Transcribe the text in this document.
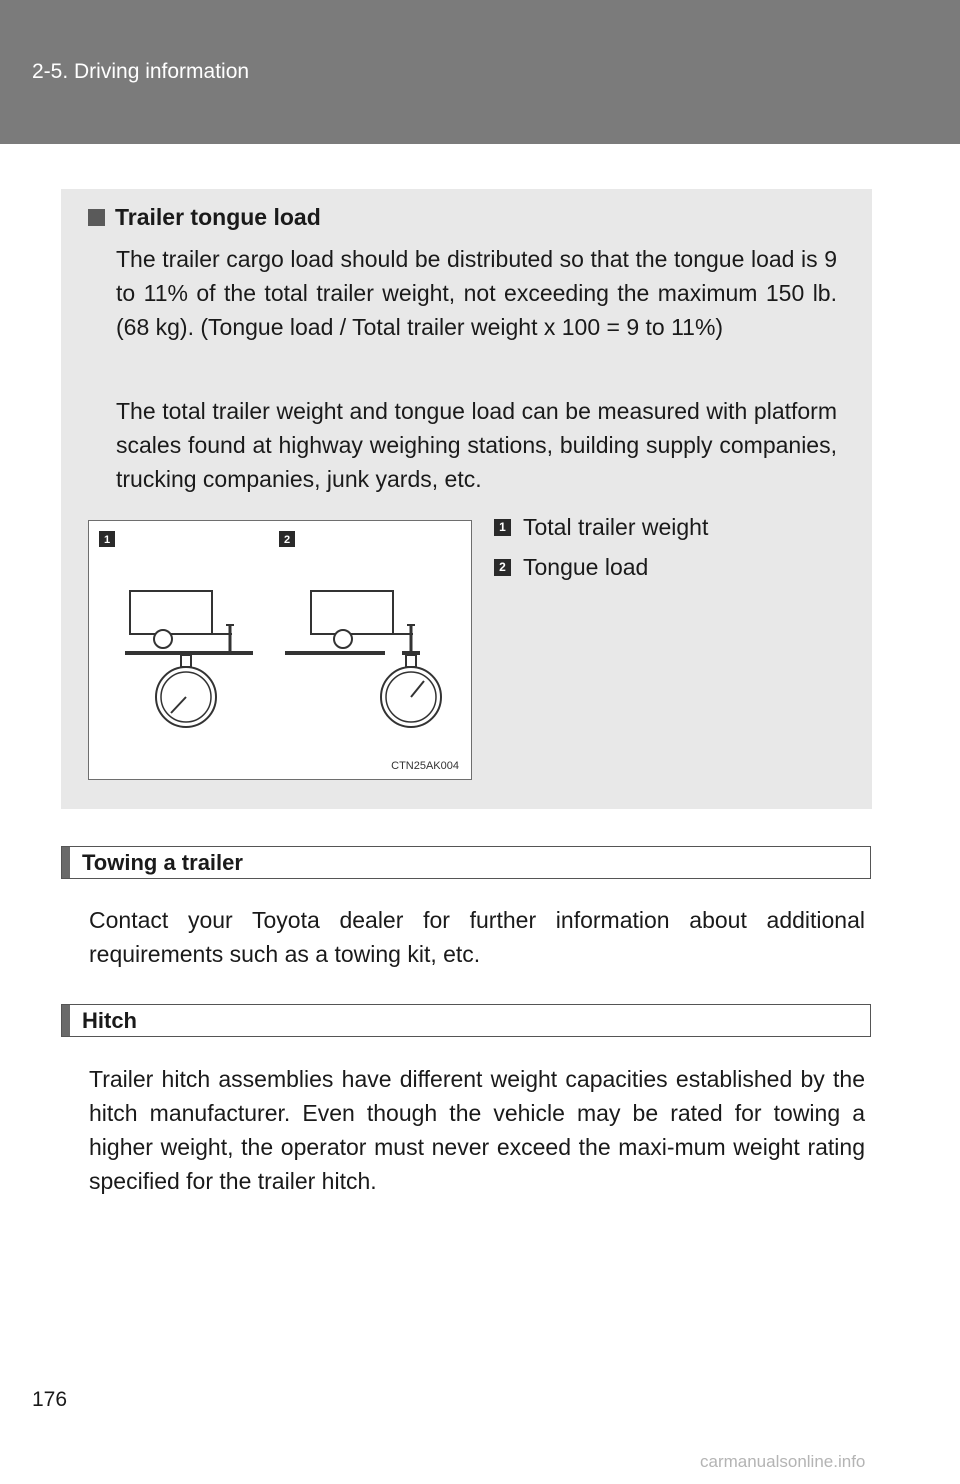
2-5. Driving information
Trailer tongue load
The trailer cargo load should be distributed so that the tongue load is 9 to 11% of the total trailer weight, not exceeding the maximum 150 lb. (68 kg). (Tongue load / Total trailer weight x 100 = 9 to 11%)
The total trailer weight and tongue load can be measured with platform scales found at highway weighing stations, building supply companies, trucking companies, junk yards, etc.
1	2
CTN25AK004
1 Total trailer weight
2 Tongue load
Towing a trailer
Contact your Toyota dealer for further information about additional requirements such as a towing kit, etc.
Hitch
Trailer hitch assemblies have different weight capacities established by the hitch manufacturer. Even though the vehicle may be rated for towing a higher weight, the operator must never exceed the maxi-mum weight rating specified for the trailer hitch.
176
carmanualsonline.info
